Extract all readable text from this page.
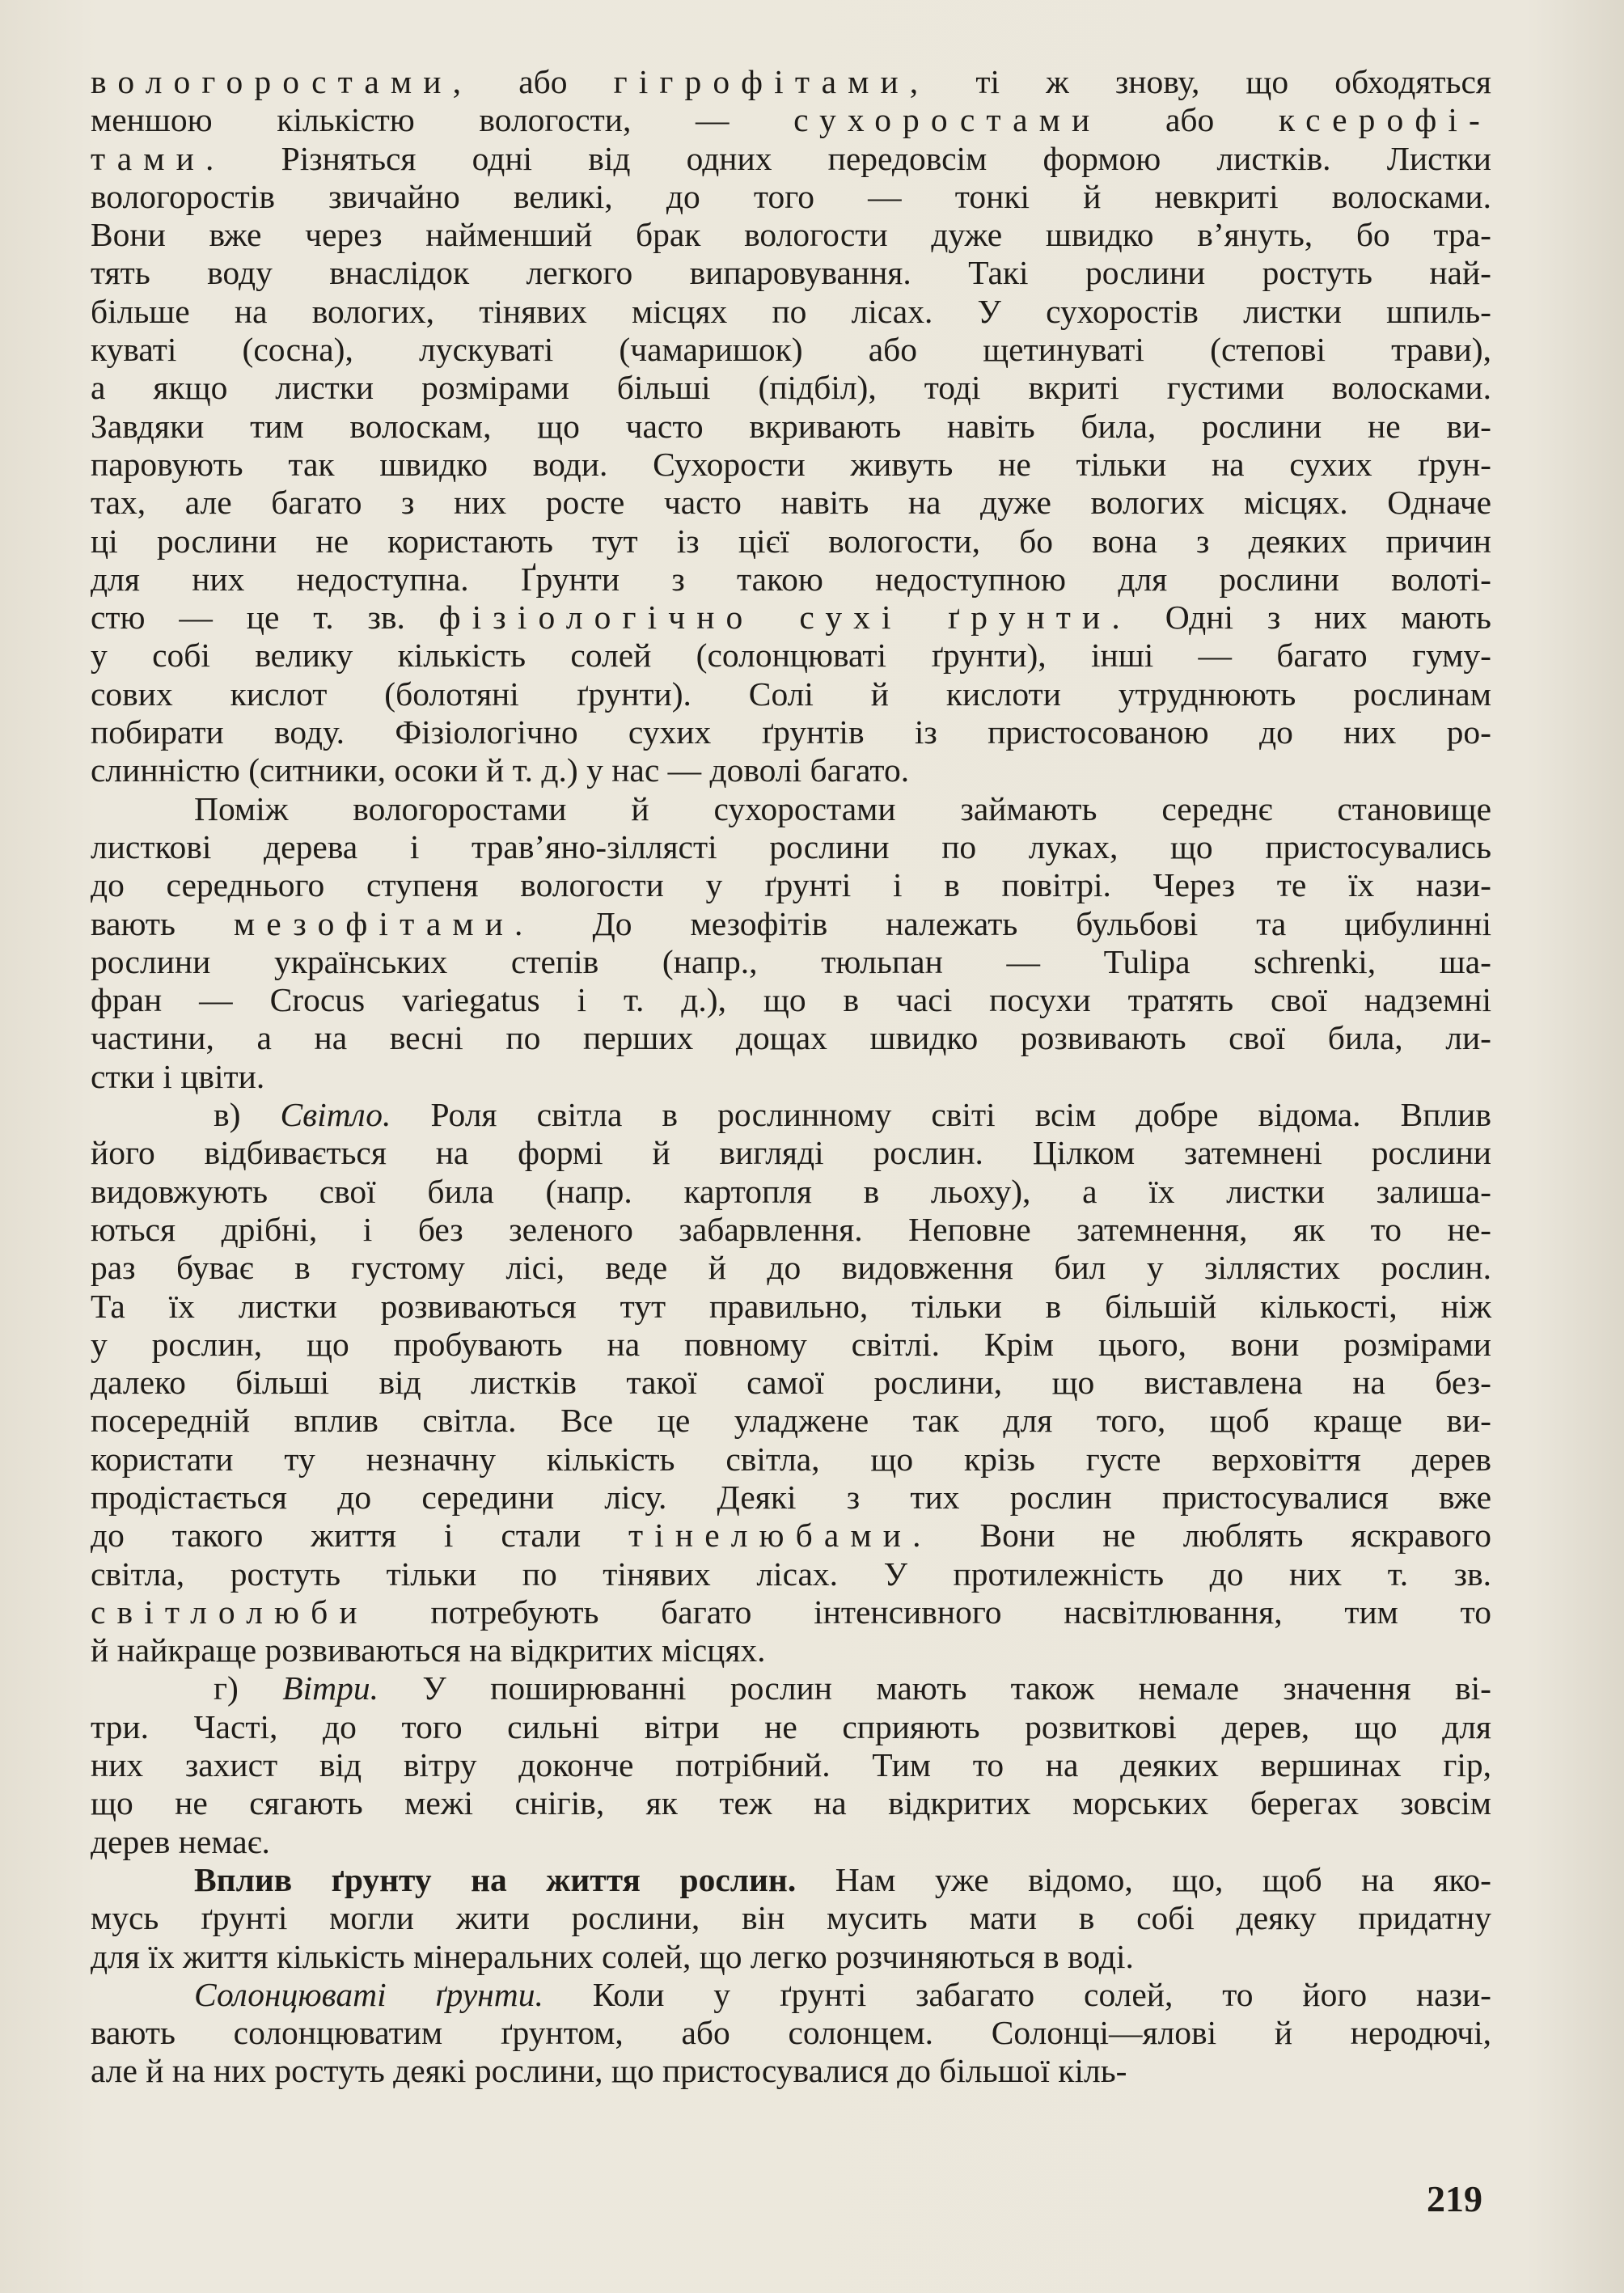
вологоростами, або гігрофітами, ті ж знову, що обходяться
меншою кількістю вологости, — сухоростами або ксерофі-
тами. Різняться одні від одних передовсім формою листків. Листки
вологоростів звичайно великі, до того — тонкі й невкриті волосками.
Вони вже через найменший брак вологости дуже швидко в’януть, бо тра-
тять воду внаслідок легкого випаровування. Такі рослини ростуть най-
більше на вологих, тінявих місцях по лісах. У сухоростів листки шпиль-
куваті (сосна), лускуваті (чамаришок) або щетинуваті (степові трави),
а якщо листки розмірами більші (підбіл), тоді вкриті густими волосками.
Завдяки тим волоскам, що часто вкривають навіть била, рослини не ви-
паровують так швидко води. Сухорости живуть не тільки на сухих ґрун-
тах, але багато з них росте часто навіть на дуже вологих місцях. Одначе
ці рослини не користають тут із цієї вологости, бо вона з деяких причин
для них недоступна. Ґрунти з такою недоступною для рослини волоті-
стю — це т. зв. фізіологічно сухі ґрунти. Одні з них мають
у собі велику кількість солей (солонцюваті ґрунти), інші — багато гуму-
сових кислот (болотяні ґрунти). Солі й кислоти утруднюють рослинам
побирати воду. Фізіологічно сухих ґрунтів із пристосованою до них ро-
слинністю (ситники, осоки й т. д.) у нас — доволі багато.

Поміж вологоростами й сухоростами займають середнє становище
листкові дерева і трав’яно-зіллясті рослини по луках, що пристосувались
до середнього ступеня вологости у ґрунті і в повітрі. Через те їх нази-
вають мезофітами. До мезофітів належать бульбові та цибулинні
рослини українських степів (напр., тюльпан — Tulipa schrenki, ша-
фран — Crocus variegatus і т. д.), що в часі посухи тратять свої надземні
частини, а на весні по перших дощах швидко розвивають свої била, ли-
стки і цвіти.

в) Світло. Роля світла в рослинному світі всім добре відома. Вплив
його відбивається на формі й вигляді рослин. Цілком затемнені рослини
видовжують свої била (напр. картопля в льоху), а їх листки залиша-
ються дрібні, і без зеленого забарвлення. Неповне затемнення, як то не-
раз буває в густому лісі, веде й до видовження бил у зіллястих рослин.
Та їх листки розвиваються тут правильно, тільки в більшій кількості, ніж
у рослин, що пробувають на повному світлі. Крім цього, вони розмірами
далеко більші від листків такої самої рослини, що виставлена на без-
посередній вплив світла. Все це уладжене так для того, щоб краще ви-
користати ту незначну кількість світла, що крізь густе верховіття дерев
продістається до середини лісу. Деякі з тих рослин пристосувалися вже
до такого життя і стали тінелюбами. Вони не люблять яскравого
світла, ростуть тільки по тінявих лісах. У протилежність до них т. зв.
світлолюби потребують багато інтенсивного насвітлювання, тим то
й найкраще розвиваються на відкритих місцях.

г) Вітри. У поширюванні рослин мають також немале значення ві-
три. Часті, до того сильні вітри не сприяють розвиткові дерев, що для
них захист від вітру доконче потрібний. Тим то на деяких вершинах гір,
що не сягають межі снігів, як теж на відкритих морських берегах зовсім
дерев немає.

Вплив ґрунту на життя рослин. Нам уже відомо, що, щоб на яко-
мусь ґрунті могли жити рослини, він мусить мати в собі деяку придатну
для їх життя кількість мінеральних солей, що легко розчиняються в воді.

Солонцюваті ґрунти. Коли у ґрунті забагато солей, то його нази-
вають солонцюватим ґрунтом, або солонцем. Солонці—ялові й неродючі,
але й на них ростуть деякі рослини, що пристосувалися до більшої кіль-

219
